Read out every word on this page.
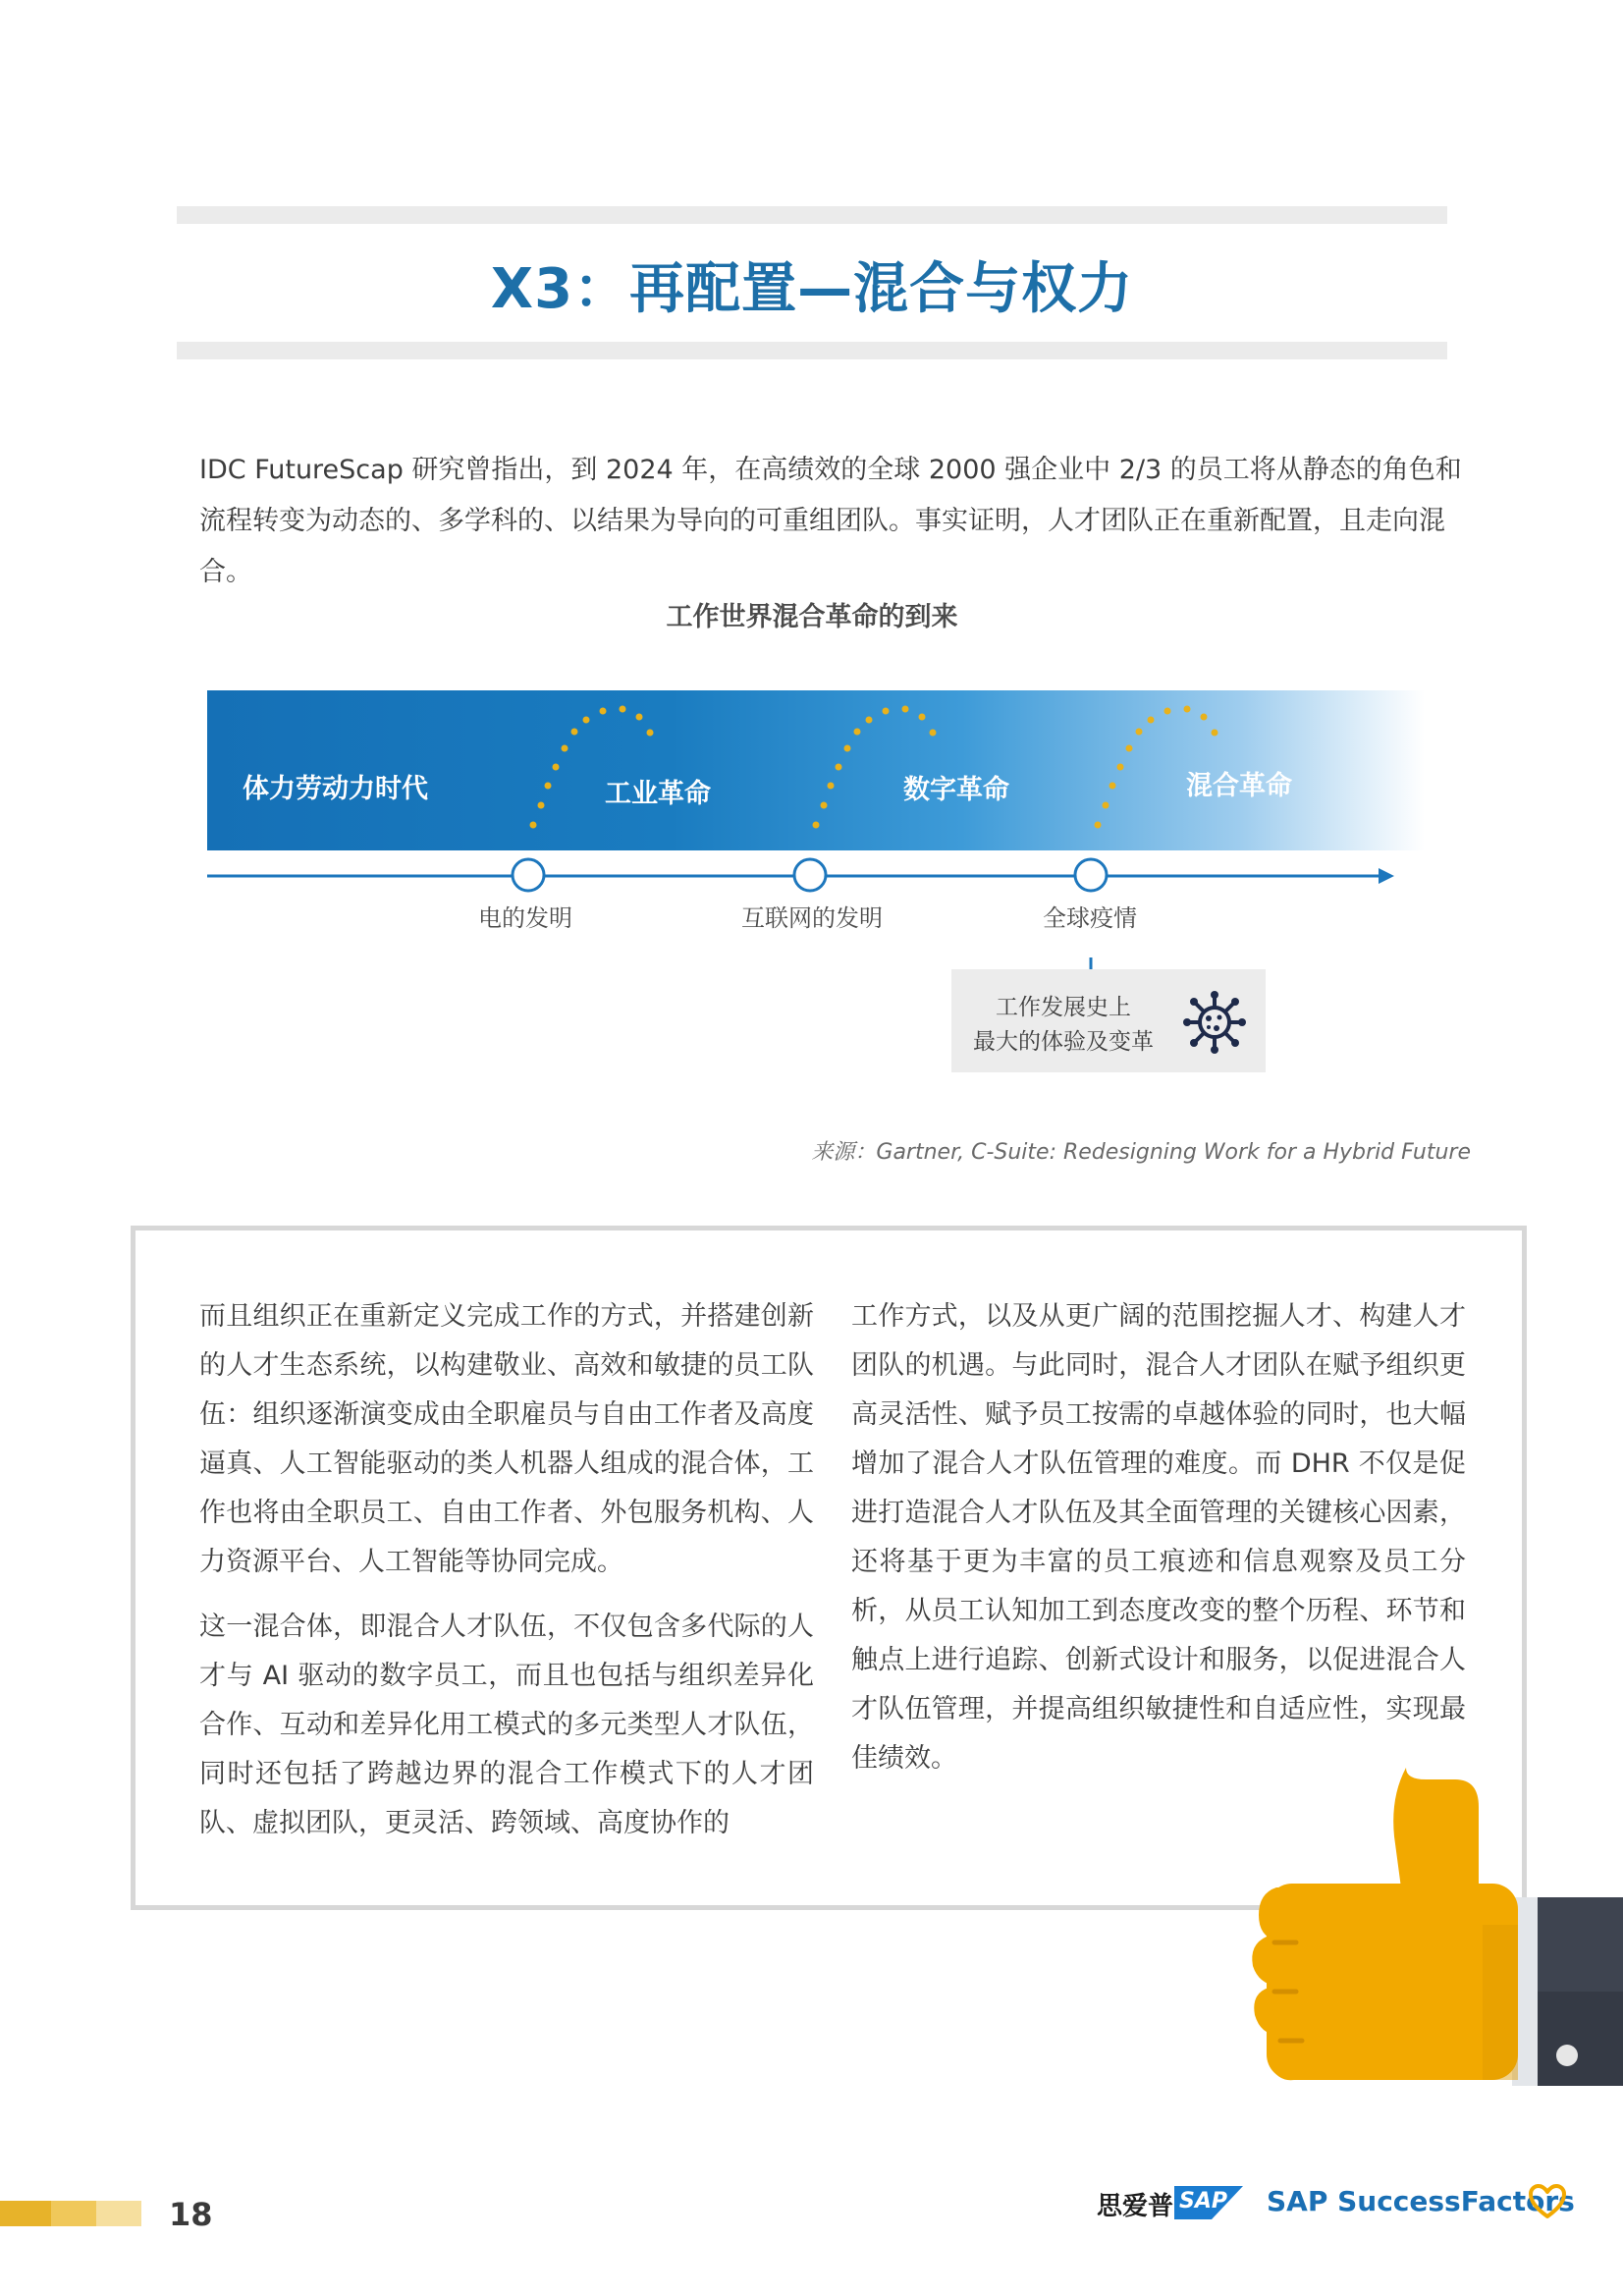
X3：再配置—混合与权力

IDC FutureScap 研究曾指出，到 2024 年，在高绩效的全球 2000 强企业中 2/3 的员工将从静态的角色和

流程转变为动态的、多学科的、以结果为导向的可重组团队。事实证明，人才团队正在重新配置，且走向混合。

工作世界混合革命的到来
体力劳动力时代	工业革命	数字革命	混合革命
电的发明	互联网的发明	全球疫情
工作发展史上
最大的体验及变革
来源：Gartner, C-Suite: Redesigning Work for a Hybrid Future

而且组织正在重新定义完成工作的方式，并搭建创新的人才生态系统，以构建敬业、高效和敏捷的员工队伍：组织逐渐演变成由全职雇员与自由工作者及高度逼真、人工智能驱动的类人机器人组成的混合体，工作也将由全职员工、自由工作者、外包服务机构、人力资源平台、人工智能等协同完成。

这一混合体，即混合人才队伍，不仅包含多代际的人才与 AI 驱动的数字员工，而且也包括与组织差异化合作、互动和差异化用工模式的多元类型人才队伍，同时还包括了跨越边界的混合工作模式下的人才团队、虚拟团队，更灵活、跨领域、高度协作的

工作方式，以及从更广阔的范围挖掘人才、构建人才团队的机遇。与此同时，混合人才团队在赋予组织更高灵活性、赋予员工按需的卓越体验的同时，也大幅增加了混合人才队伍管理的难度。而 DHR 不仅是促进打造混合人才队伍及其全面管理的关键核心因素，还将基于更为丰富的员工痕迹和信息观察及员工分析，从员工认知加工到态度改变的整个历程、环节和触点上进行追踪、创新式设计和服务，以促进混合人才队伍管理，并提高组织敏捷性和自适应性，实现最佳绩效。

18	思爱普 SAP SAP SuccessFactors
